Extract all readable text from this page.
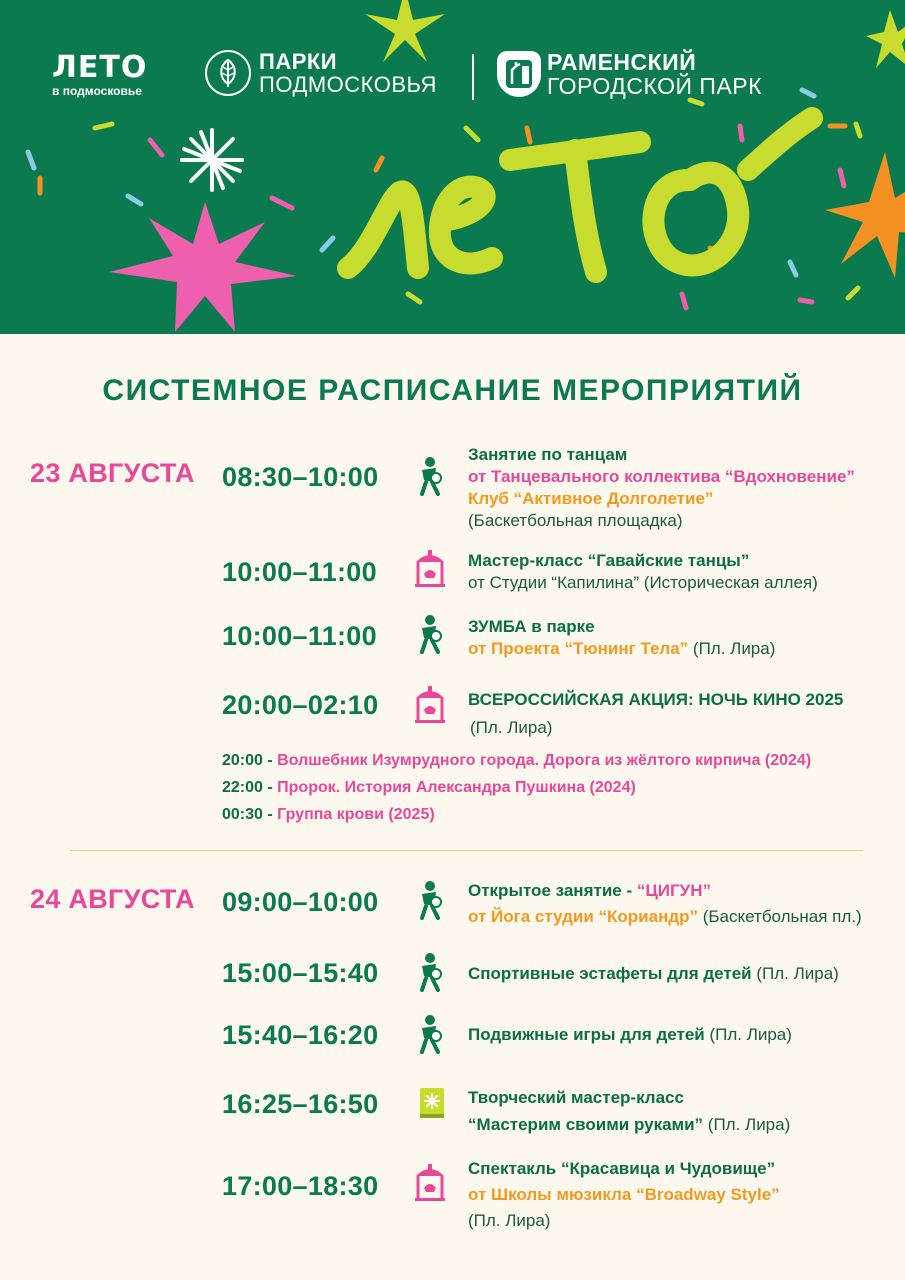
ЛЕТО
в подмосковье
ПАРКИ
ПОДМОСКОВЬЯ
РАМЕНСКИЙ
ГОРОДСКОЙ ПАРК
СИСТЕМНОЕ РАСПИСАНИЕ МЕРОПРИЯТИЙ
23 АВГУСТА 08:30–10:00
Занятие по танцам
от Танцевального коллектива “Вдохновение”
Клуб “Активное Долголетие”
(Баскетбольная площадка)
10:00–11:00	Мастер-класс “Гавайские танцы”
от Студии “Капилина” (Историческая аллея)
10:00–11:00	ЗУМБА в парке
от Проекта “Тюнинг Тела” (Пл. Лира)
20:00–02:10	ВСЕРОССИЙСКАЯ АКЦИЯ: НОЧЬ КИНО 2025
(Пл. Лира)
20:00 - Волшебник Изумрудного города. Дорога из жёлтого кирпича (2024)
22:00 - Пророк. История Александра Пушкина (2024)
00:30 - Группа крови (2025)
24 АВГУСТА 09:00–10:00	Открытое занятие - “ЦИГУН”
от Йога студии “Кориандр” (Баскетбольная пл.)
15:00–15:40	Спортивные эстафеты для детей (Пл. Лира)
15:40–16:20	Подвижные игры для детей (Пл. Лира)
16:25–16:50	Творческий мастер-класс
“Мастерим своими руками” (Пл. Лира)
17:00–18:30
Спектакль “Красавица и Чудовище”
от Школы мюзикла “Broadway Style”
(Пл. Лира)
